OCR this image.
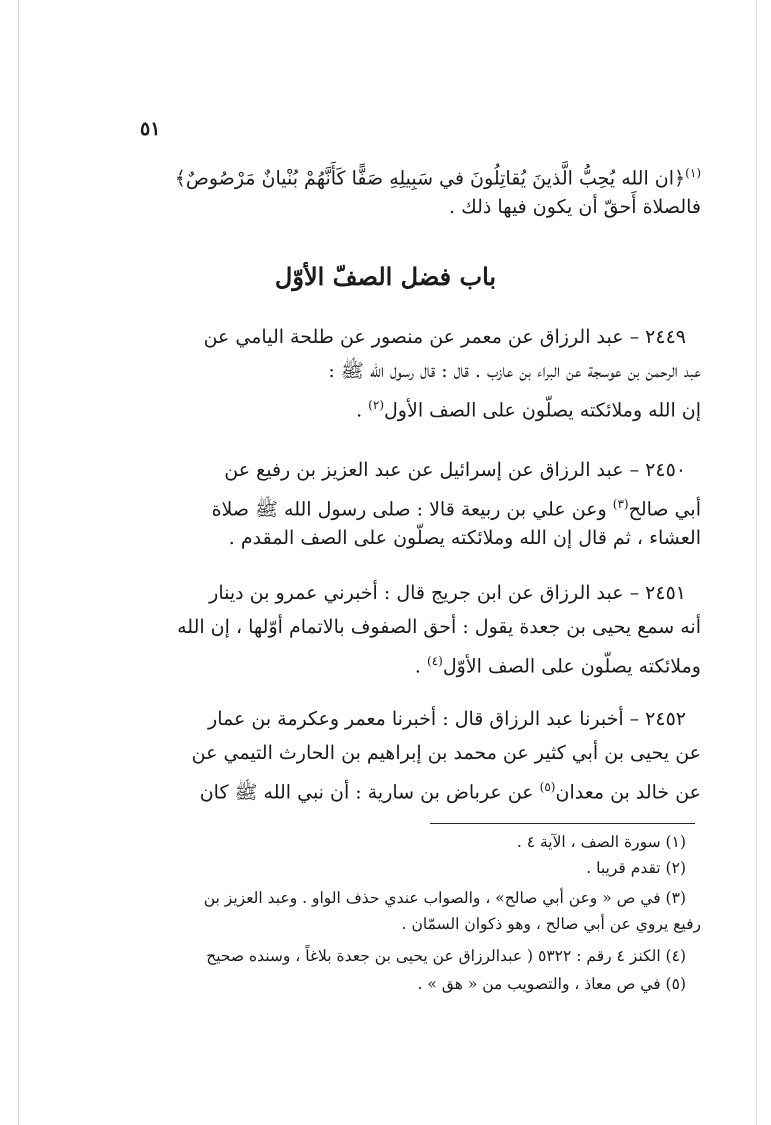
٥١
$^{(١)}$﴿ان الله يُحِبُّ الَّذينَ يُقاتِلُونَ في سَبِيلِهِ صَفًّا كَأَنَّهُمْ بُنْيانٌ مَرْصُوصٌ﴾
فالصلاة أَحقّ أن يكون فيها ذلك .
باب فضل الصفّ الأوّل
٢٤٤٩ – عبد الرزاق عن معمر عن منصور عن طلحة اليامي عن
عبد الرحمن بن عوسجة عن البراء بن عازب . قال : قال رسول الله ﷺ :
إن الله وملائكته يصلّون على الصف الأول$^{(٢)}$ .
٢٤٥٠ – عبد الرزاق عن إسرائيل عن عبد العزيز بن رفيع عن
أبي صالح$^{(٣)}$ وعن علي بن ربيعة قالا : صلى رسول الله ﷺ صلاة
العشاء ، ثم قال إن الله وملائكته يصلّون على الصف المقدم .
٢٤٥١ – عبد الرزاق عن ابن جريج قال : أخبرني عمرو بن دينار
أنه سمع يحيى بن جعدة يقول : أحق الصفوف بالاتمام أوّلها ، إن الله
وملائكته يصلّون على الصف الأوّل$^{(٤)}$ .
٢٤٥٢ – أخبرنا عبد الرزاق قال : أخبرنا معمر وعكرمة بن عمار
عن يحيى بن أبي كثير عن محمد بن إبراهيم بن الحارث التيمي عن
عن خالد بن معدان$^{(٥)}$ عن عرباض بن سارية : أن نبي الله ﷺ كان
(١) سورة الصف ، الآية ٤ .
(٢) تقدم قريبا .
(٣) في ص « وعن أبي صالح» ، والصواب عندي حذف الواو . وعبد العزيز بن
رفيع يروي عن أبي صالح ، وهو ذكوان السمّان .
(٤) الكنز ٤ رقم : ٥٣٢٢ ( عبدالرزاق عن يحيى بن جعدة بلاغاً ، وسنده صحيح
(٥) في ص معاذ ، والتصويب من « هق » .
